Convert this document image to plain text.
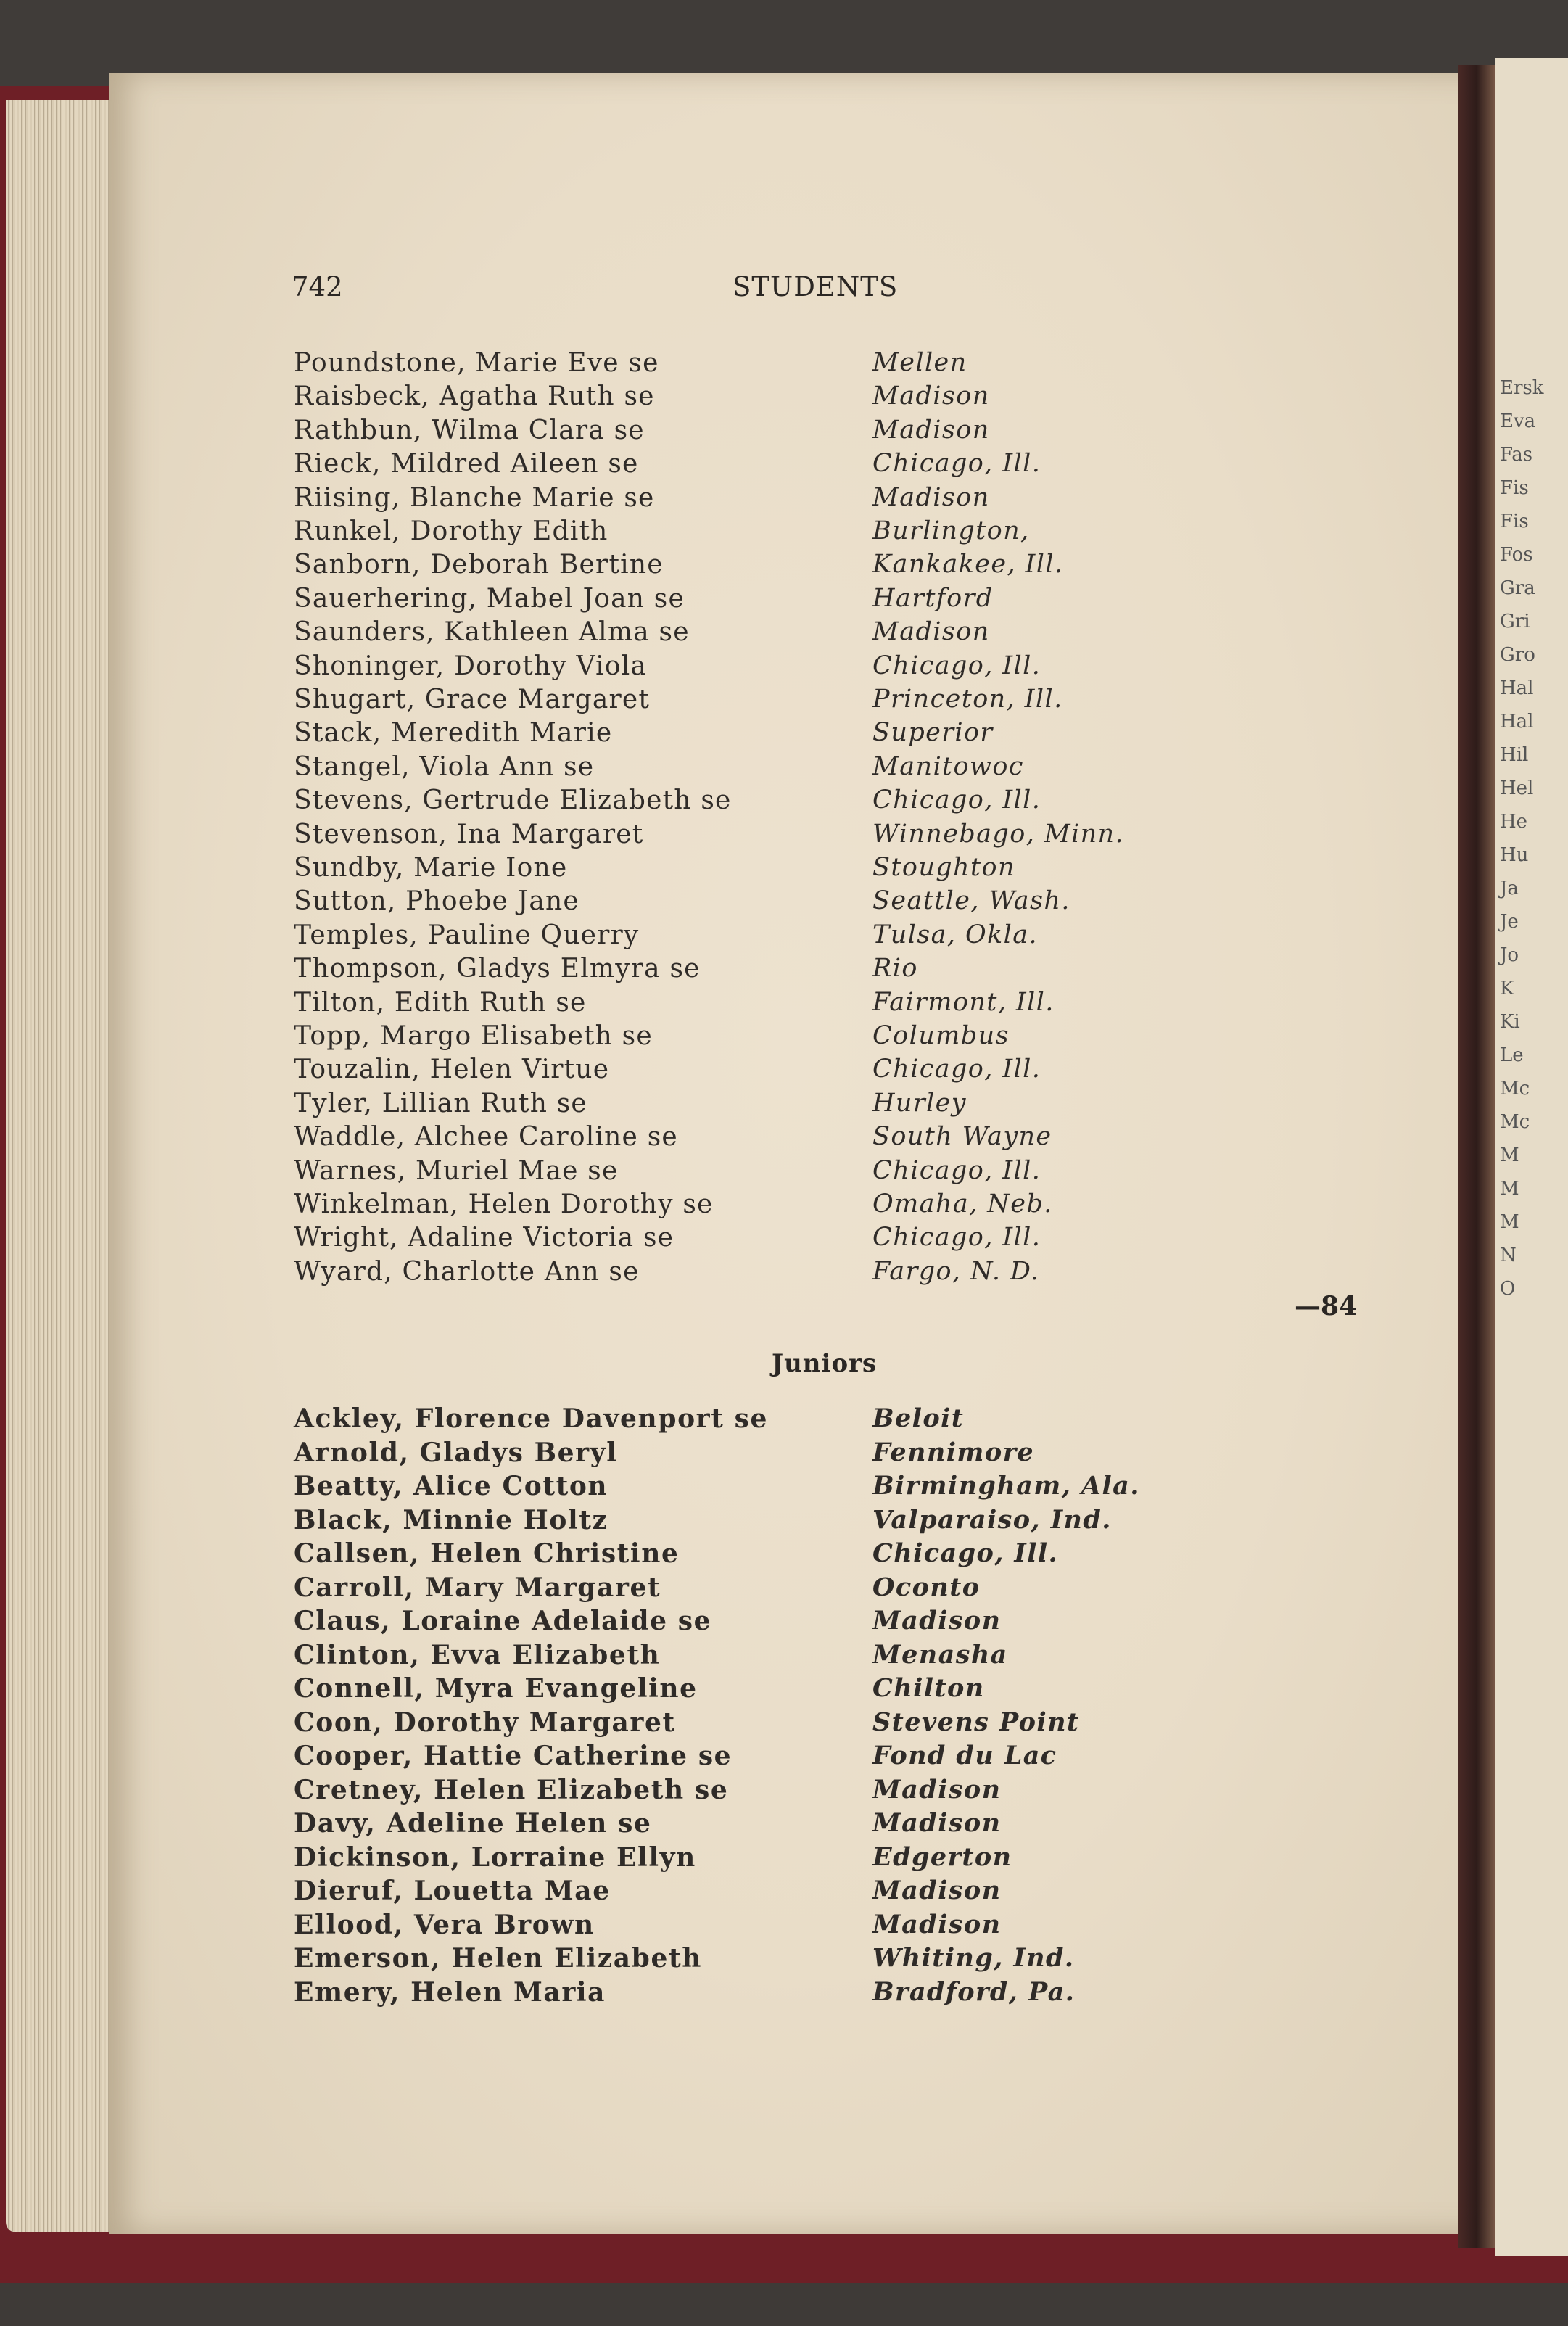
Ersk
Eva
Fas
Fis
Fis
Fos
Gra
Gri
Gro
Hal
Hal
Hil
Hel
He
Hu
Ja
Je
Jo
K
Ki
Le
Mc
Mc
M
M
M
N
O
742	STUDENTS
Poundstone, Marie Eve se	Mellen
Raisbeck, Agatha Ruth se	Madison
Rathbun, Wilma Clara se	Madison
Rieck, Mildred Aileen se	Chicago, Ill.
Riising, Blanche Marie se	Madison
Runkel, Dorothy Edith	Burlington,
Sanborn, Deborah Bertine	Kankakee, Ill.
Sauerhering, Mabel Joan se	Hartford
Saunders, Kathleen Alma se	Madison
Shoninger, Dorothy Viola	Chicago, Ill.
Shugart, Grace Margaret	Princeton, Ill.
Stack, Meredith Marie	Superior
Stangel, Viola Ann se	Manitowoc
Stevens, Gertrude Elizabeth se	Chicago, Ill.
Stevenson, Ina Margaret	Winnebago, Minn.
Sundby, Marie Ione	Stoughton
Sutton, Phoebe Jane	Seattle, Wash.
Temples, Pauline Querry	Tulsa, Okla.
Thompson, Gladys Elmyra se	Rio
Tilton, Edith Ruth se	Fairmont, Ill.
Topp, Margo Elisabeth se	Columbus
Touzalin, Helen Virtue	Chicago, Ill.
Tyler, Lillian Ruth se	Hurley
Waddle, Alchee Caroline se	South Wayne
Warnes, Muriel Mae se	Chicago, Ill.
Winkelman, Helen Dorothy se	Omaha, Neb.
Wright, Adaline Victoria se	Chicago, Ill.
Wyard, Charlotte Ann se	Fargo, N. D.
—84
Juniors
Ackley, Florence Davenport se	Beloit
Arnold, Gladys Beryl	Fennimore
Beatty, Alice Cotton	Birmingham, Ala.
Black, Minnie Holtz	Valparaiso, Ind.
Callsen, Helen Christine	Chicago, Ill.
Carroll, Mary Margaret	Oconto
Claus, Loraine Adelaide se	Madison
Clinton, Evva Elizabeth	Menasha
Connell, Myra Evangeline	Chilton
Coon, Dorothy Margaret	Stevens Point
Cooper, Hattie Catherine se	Fond du Lac
Cretney, Helen Elizabeth se	Madison
Davy, Adeline Helen se	Madison
Dickinson, Lorraine Ellyn	Edgerton
Dieruf, Louetta Mae	Madison
Ellood, Vera Brown	Madison
Emerson, Helen Elizabeth	Whiting, Ind.
Emery, Helen Maria	Bradford, Pa.
